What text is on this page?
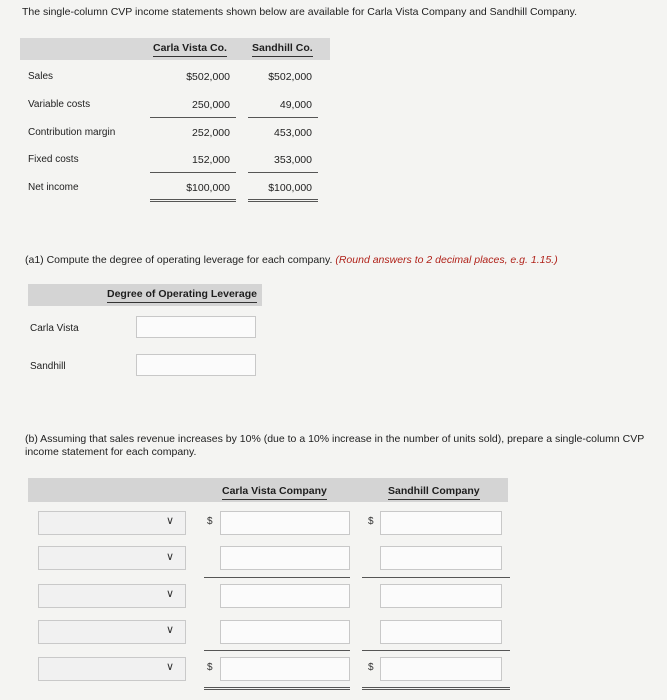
The single-column CVP income statements shown below are available for Carla Vista Company and Sandhill Company.
Carla Vista Co. Sandhill Co.
Sales	$502,000	$502,000
Variable costs	250,000	49,000
Contribution margin	252,000	453,000
Fixed costs	152,000	353,000
Net income	$100,000	$100,000
(a1) Compute the degree of operating leverage for each company. (Round answers to 2 decimal places, e.g. 1.15.)
Degree of Operating Leverage
Carla Vista
Sandhill
(b) Assuming that sales revenue increases by 10% (due to a 10% increase in the number of units sold), prepare a single-column CVP income statement for each company.
Carla Vista Company	Sandhill Company
∨	$	$
∨
∨
∨
∨	$	$
